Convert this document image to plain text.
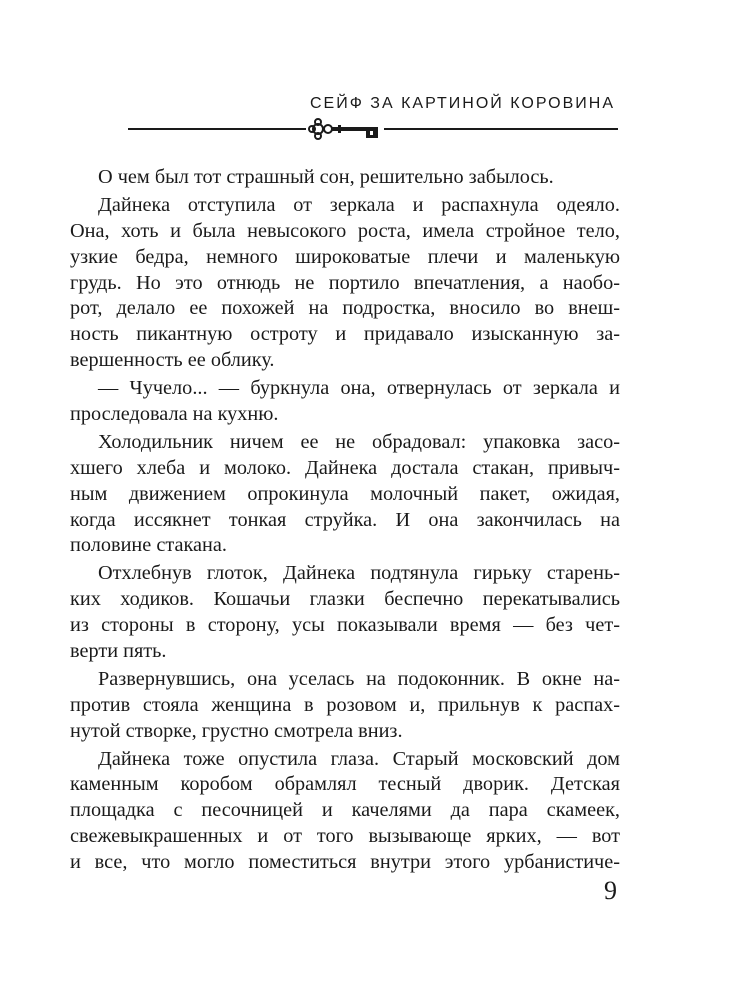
СЕЙФ ЗА КАРТИНОЙ КОРОВИНА
О чем был тот страшный сон, решительно забылось.
Дайнека отступила от зеркала и распахнула одеяло.
Она, хоть и была невысокого роста, имела стройное тело,
узкие бедра, немного широковатые плечи и маленькую
грудь. Но это отнюдь не портило впечатления, а наобо-
рот, делало ее похожей на подростка, вносило во внеш-
ность пикантную остроту и придавало изысканную за-
вершенность ее облику.
— Чучело... — буркнула она, отвернулась от зеркала и
проследовала на кухню.
Холодильник ничем ее не обрадовал: упаковка засо-
хшего хлеба и молоко. Дайнека достала стакан, привыч-
ным движением опрокинула молочный пакет, ожидая,
когда иссякнет тонкая струйка. И она закончилась на
половине стакана.
Отхлебнув глоток, Дайнека подтянула гирьку старень-
ких ходиков. Кошачьи глазки беспечно перекатывались
из стороны в сторону, усы показывали время — без чет-
верти пять.
Развернувшись, она уселась на подоконник. В окне на-
против стояла женщина в розовом и, прильнув к распах-
нутой створке, грустно смотрела вниз.
Дайнека тоже опустила глаза. Старый московский дом
каменным коробом обрамлял тесный дворик. Детская
площадка с песочницей и качелями да пара скамеек,
свежевыкрашенных и от того вызывающе ярких, — вот
и все, что могло поместиться внутри этого урбанистиче-
9
